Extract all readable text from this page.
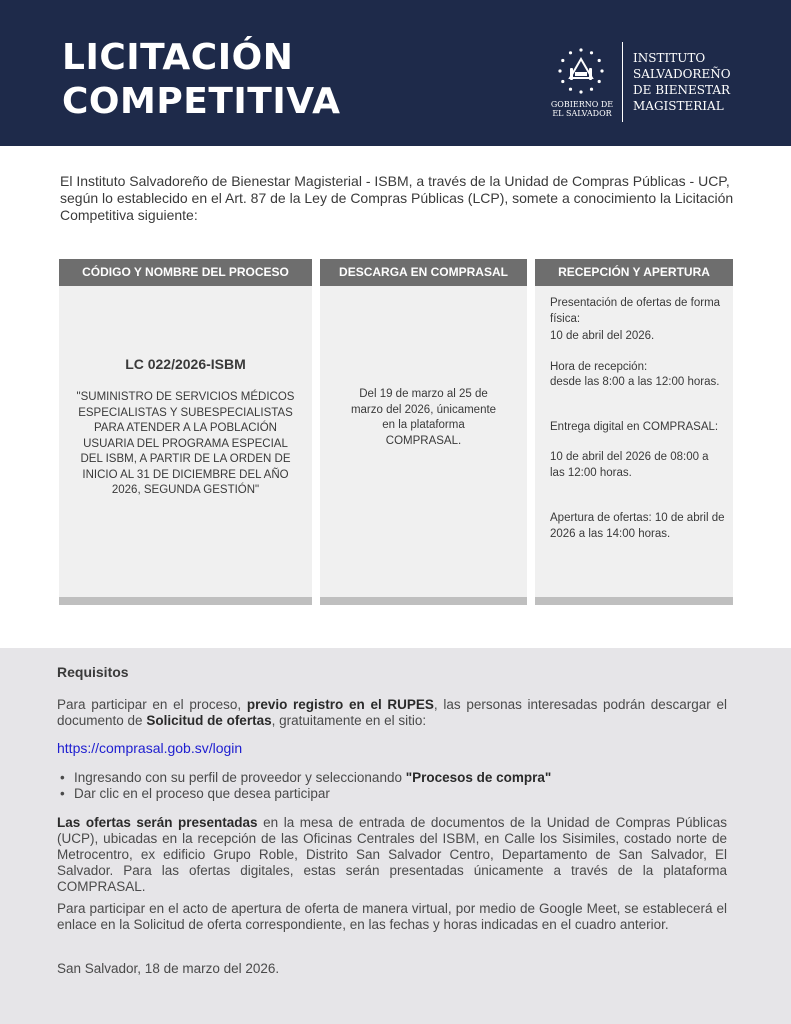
LICITACIÓN
COMPETITIVA	GOBIERNO DE
EL SALVADOR
INSTITUTO
SALVADOREÑO
DE BIENESTAR
MAGISTERIAL
El Instituto Salvadoreño de Bienestar Magisterial - ISBM, a través de la Unidad de Compras Públicas - UCP, según lo establecido en el Art. 87 de la Ley de Compras Públicas (LCP), somete a conocimiento la Licitación Competitiva siguiente:
CÓDIGO Y NOMBRE DEL PROCESO
LC 022/2026-ISBM
"SUMINISTRO DE SERVICIOS MÉDICOS ESPECIALISTAS Y SUBESPECIALISTAS PARA ATENDER A LA POBLACIÓN USUARIA DEL PROGRAMA ESPECIAL DEL ISBM, A PARTIR DE LA ORDEN DE INICIO AL 31 DE DICIEMBRE DEL AÑO 2026, SEGUNDA GESTIÓN"
DESCARGA EN COMPRASAL
Del 19 de marzo al 25 de marzo del 2026, únicamente en la plataforma COMPRASAL.
RECEPCIÓN Y APERTURA
Presentación de ofertas de forma física:
10 de abril del 2026.
Hora de recepción:
desde las 8:00 a las 12:00 horas.
Entrega digital en COMPRASAL:
10 de abril del 2026 de 08:00 a las 12:00 horas.
Apertura de ofertas: 10 de abril de 2026 a las 14:00 horas.
Requisitos
Para participar en el proceso, previo registro en el RUPES, las personas interesadas podrán descargar el documento de Solicitud de ofertas, gratuitamente en el sitio:
https://comprasal.gob.sv/login
• Ingresando con su perfil de proveedor y seleccionando "Procesos de compra"
• Dar clic en el proceso que desea participar
Las ofertas serán presentadas en la mesa de entrada de documentos de la Unidad de Compras Públicas (UCP), ubicadas en la recepción de las Oficinas Centrales del ISBM, en Calle los Sisimiles, costado norte de Metrocentro, ex edificio Grupo Roble, Distrito San Salvador Centro, Departamento de San Salvador, El Salvador. Para las ofertas digitales, estas serán presentadas únicamente a través de la plataforma COMPRASAL.
Para participar en el acto de apertura de oferta de manera virtual, por medio de Google Meet, se establecerá el enlace en la Solicitud de oferta correspondiente, en las fechas y horas indicadas en el cuadro anterior.
San Salvador, 18 de marzo del 2026.
